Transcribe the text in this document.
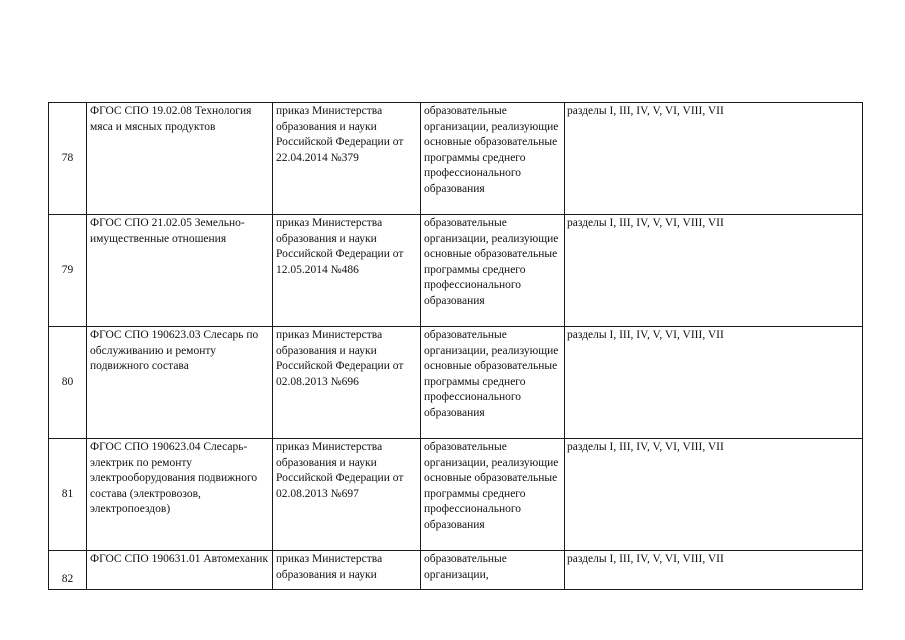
78	ФГОС СПО 19.02.08 Технология мяса и мясных продуктов	приказ Министерства образования и науки Российской Федерации от 22.04.2014 №379	образовательные организации, реализующие основные образовательные программы среднего профессионального образования	разделы I, III, IV, V, VI, VIII, VII

79	ФГОС СПО 21.02.05 Земельно-имущественные отношения	приказ Министерства образования и науки Российской Федерации от 12.05.2014 №486	образовательные организации, реализующие основные образовательные программы среднего профессионального образования	разделы I, III, IV, V, VI, VIII, VII

80	ФГОС СПО 190623.03 Слесарь по обслуживанию и ремонту подвижного состава	приказ Министерства образования и науки Российской Федерации от 02.08.2013 №696	образовательные организации, реализующие основные образовательные программы среднего профессионального образования	разделы I, III, IV, V, VI, VIII, VII

81	ФГОС СПО 190623.04 Слесарь-электрик по ремонту электрооборудования подвижного состава (электровозов, электропоездов)	приказ Министерства образования и науки Российской Федерации от 02.08.2013 №697	образовательные организации, реализующие основные образовательные программы среднего профессионального образования	разделы I, III, IV, V, VI, VIII, VII

82	ФГОС СПО 190631.01 Автомеханик	приказ Министерства образования и науки	образовательные организации,	разделы I, III, IV, V, VI, VIII, VII
